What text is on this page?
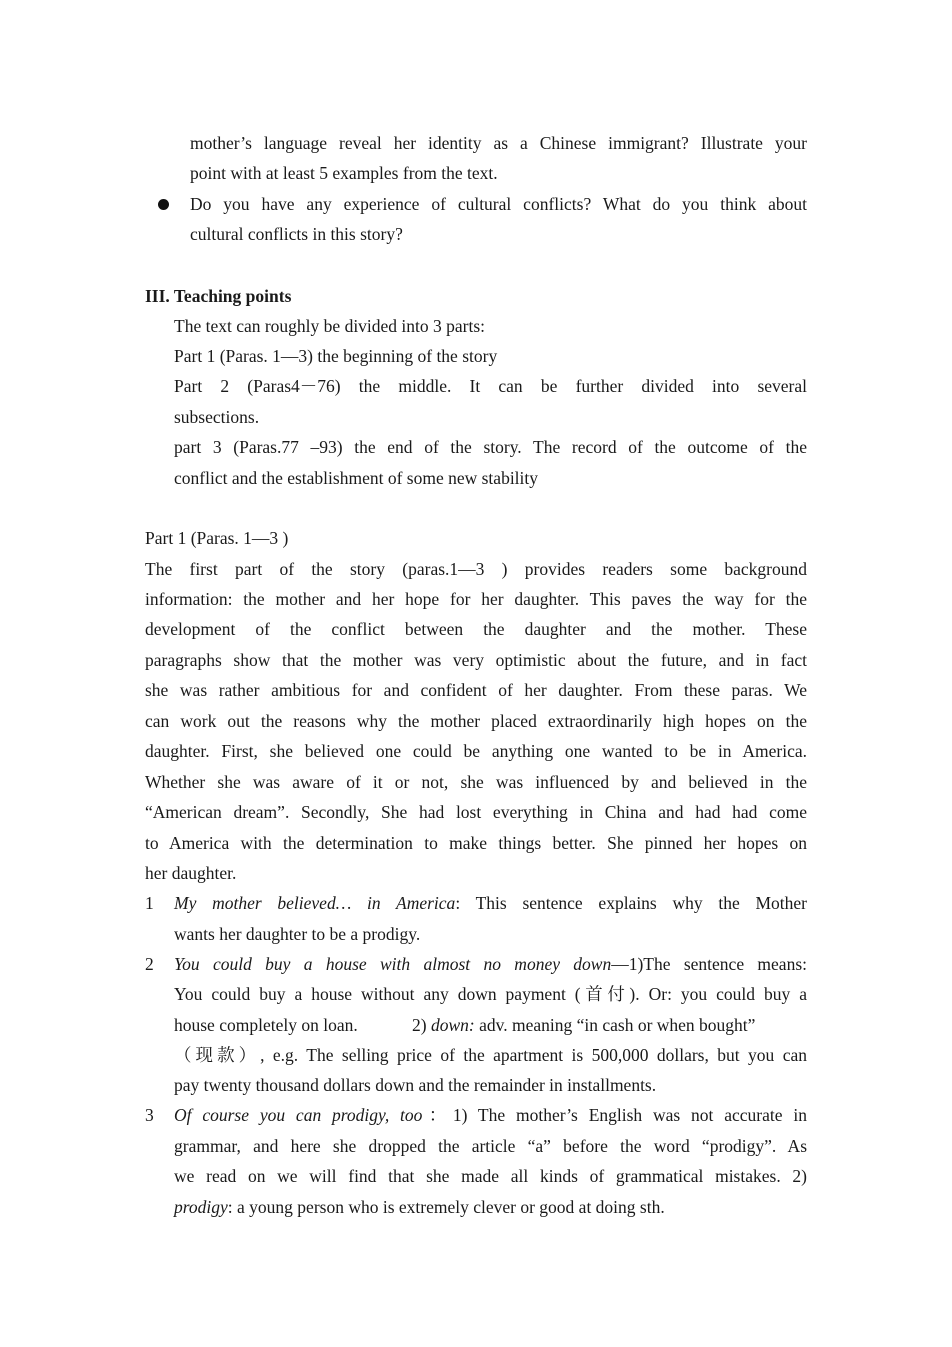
mother’s language reveal her identity as a Chinese immigrant? Illustrate your
point with at least 5 examples from the text.
Do you have any experience of cultural conflicts? What do you think about
cultural conflicts in this story?
III. Teaching points
The text can roughly be divided into 3 parts:
Part 1 (Paras. 1—3) the beginning of the story
Part 2 (Paras4－76) the middle. It can be further divided into several
subsections.
part 3 (Paras.77 –93) the end of the story. The record of the outcome of the
conflict and the establishment of some new stability
Part 1 (Paras. 1—3 )
The first part of the story (paras.1—3 ) provides readers some background
information: the mother and her hope for her daughter. This paves the way for the
development of the conflict between the daughter and the mother. These
paragraphs show that the mother was very optimistic about the future, and in fact
she was rather ambitious for and confident of her daughter. From these paras. We
can work out the reasons why the mother placed extraordinarily high hopes on the
daughter. First, she believed one could be anything one wanted to be in America.
Whether she was aware of it or not, she was influenced by and believed in the
“American dream”. Secondly, She had lost everything in China and had had come
to America with the determination to make things better. She pinned her hopes on
her daughter.
1 My mother believed… in America: This sentence explains why the Mother
wants her daughter to be a prodigy.
2 You could buy a house with almost no money down—1)The sentence means:
You could buy a house without any down payment (首付). Or: you could buy a
house completely on loan.	2) down: adv. meaning “in cash or when bought”
（现款）, e.g. The selling price of the apartment is 500,000 dollars, but you can
pay twenty thousand dollars down and the remainder in installments.
3 Of course you can prodigy, too：1) The mother’s English was not accurate in
grammar, and here she dropped the article “a” before the word “prodigy”. As
we read on we will find that she made all kinds of grammatical mistakes. 2)
prodigy: a young person who is extremely clever or good at doing sth.
